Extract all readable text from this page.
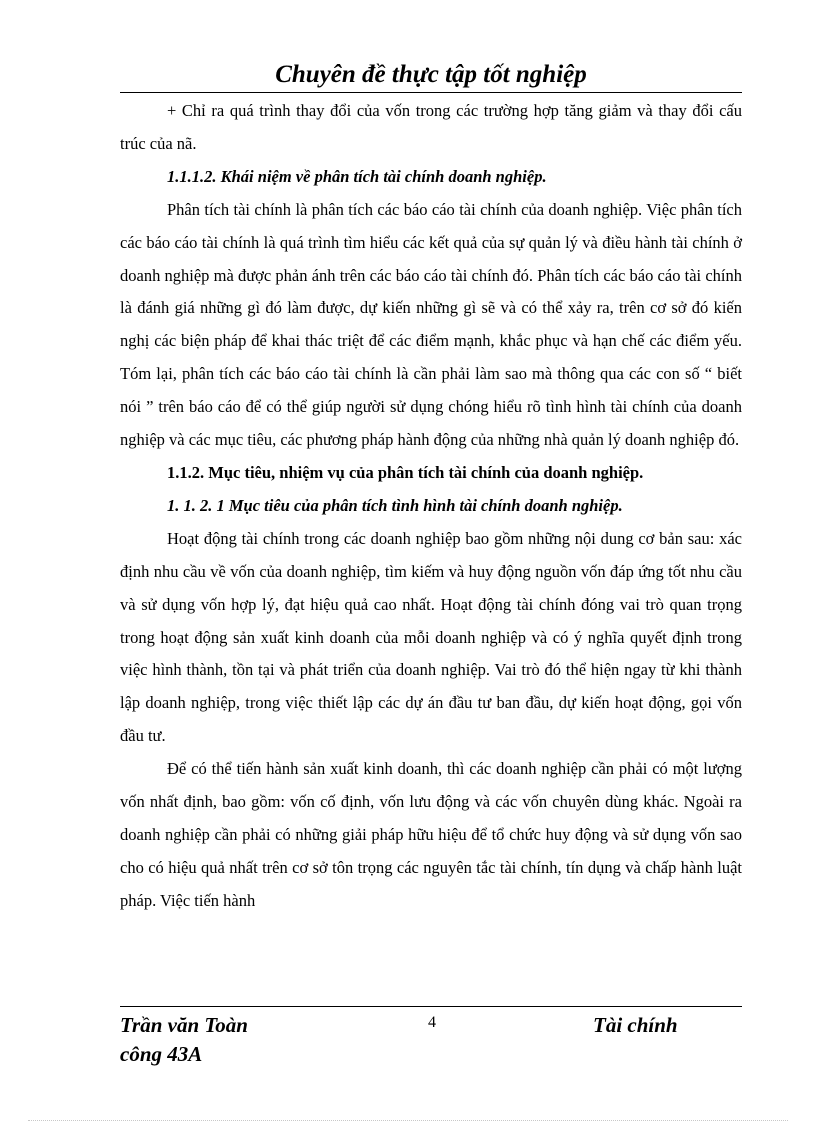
Chuyên đề thực tập tốt nghiệp

+ Chỉ ra quá trình thay đổi của vốn trong các trường hợp tăng giảm và thay đổi cấu trúc của nã.

1.1.1.2. Khái niệm về phân tích tài chính doanh nghiệp.

Phân tích tài chính là phân tích các báo cáo tài chính của doanh nghiệp. Việc phân tích các báo cáo tài chính là quá trình tìm hiểu các kết quả của sự quản lý và điều hành tài chính ở doanh nghiệp mà được phản ánh trên các báo cáo tài chính đó. Phân tích các báo cáo tài chính là đánh giá những gì đó làm được, dự kiến những gì sẽ và có thể xảy ra, trên cơ sở đó kiến nghị các biện pháp để khai thác triệt để các điểm mạnh, khắc phục và hạn chế các điểm yếu. Tóm lại, phân tích các báo cáo tài chính là cần phải làm sao mà thông qua các con số “ biết nói ” trên báo cáo để có thể giúp người sử dụng chóng hiểu rõ tình hình tài chính của doanh nghiệp và các mục tiêu, các phương pháp hành động của những nhà quản lý doanh nghiệp đó.

1.1.2. Mục tiêu, nhiệm vụ của phân tích tài chính của doanh nghiệp.

1. 1. 2. 1 Mục tiêu của phân tích tình hình tài chính doanh nghiệp.

Hoạt động tài chính trong các doanh nghiệp bao gồm những nội dung cơ bản sau: xác định nhu cầu về vốn của doanh nghiệp, tìm kiếm và huy động nguồn vốn đáp ứng tốt nhu cầu và sử dụng vốn hợp lý, đạt hiệu quả cao nhất. Hoạt động tài chính đóng vai trò quan trọng trong hoạt động sản xuất kinh doanh của mỗi doanh nghiệp và có ý nghĩa quyết định trong việc hình thành, tồn tại và phát triển của doanh nghiệp. Vai trò đó thể hiện ngay từ khi thành lập doanh nghiệp, trong việc thiết lập các dự án đầu tư ban đầu, dự kiến hoạt động, gọi vốn đầu tư.

Để có thể tiến hành sản xuất kinh doanh, thì các doanh nghiệp cần phải có một lượng vốn nhất định, bao gồm: vốn cố định, vốn lưu động và các vốn chuyên dùng khác. Ngoài ra doanh nghiệp cần phải có những giải pháp hữu hiệu để tổ chức huy động và sử dụng vốn sao cho có hiệu quả nhất trên cơ sở tôn trọng các nguyên tắc tài chính, tín dụng và chấp hành luật pháp. Việc tiến hành

Trần văn Toàn
công 43A
4	Tài chính
